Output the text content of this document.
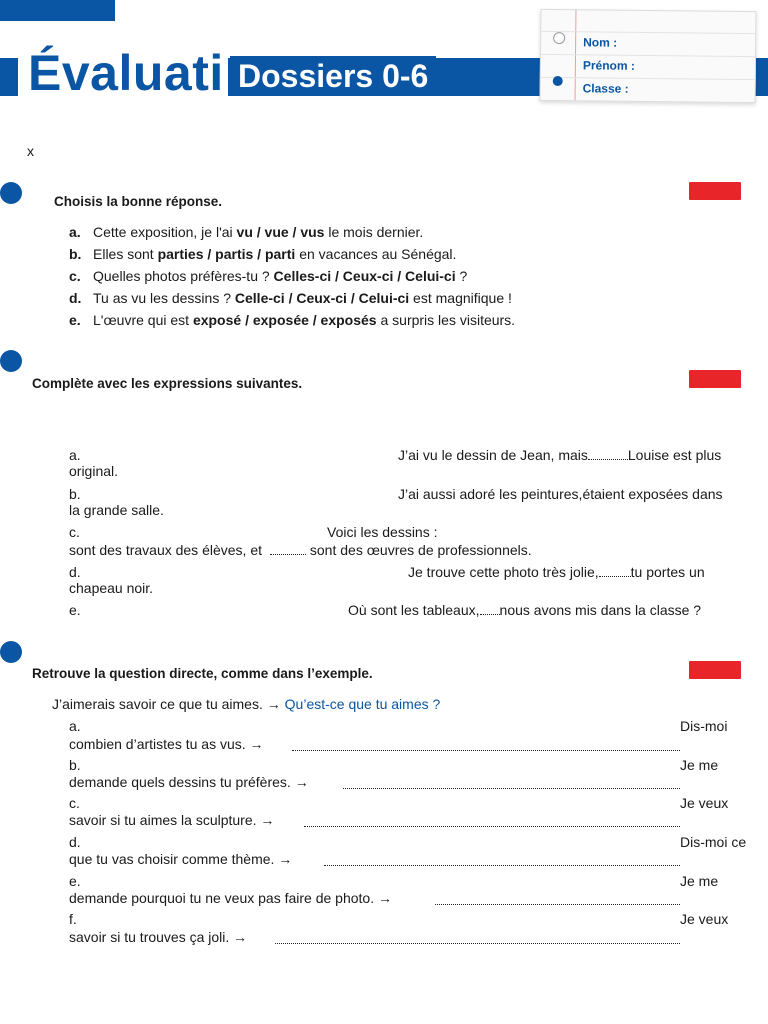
Évaluati Dossiers 0-6
Nom :
Prénom :
Classe :
x
Choisis la bonne réponse.
a. Cette exposition, je l'ai vu / vue / vus le mois dernier.
b. Elles sont parties / partis / parti en vacances au Sénégal.
c. Quelles photos préfères-tu ? Celles-ci / Ceux-ci / Celui-ci ?
d. Tu as vu les dessins ? Celle-ci / Ceux-ci / Celui-ci est magnifique !
e. L'œuvre qui est exposé / exposée / exposés a surpris les visiteurs.
Complète avec les expressions suivantes.
a.	J’ai vu le dessin de Jean, mais	Louise est plus
original.
b.	J’ai aussi adoré les peintures,étaient exposées dans
la grande salle.
c.	Voici les dessins :
sont des travaux des élèves, et	sont des œuvres de professionnels.
d.	Je trouve cette photo très jolie, tu portes un
chapeau noir.
e.	Où sont les tableaux, nous avons mis dans la classe ?
Retrouve la question directe, comme dans l’exemple.
J’aimerais savoir ce que tu aimes. → Qu’est-ce que tu aimes ?
a.	Dis-moi
combien d’artistes tu as vus. →
b.	Je me
demande quels dessins tu préfères. →
c.	Je veux
savoir si tu aimes la sculpture. →
d.	Dis-moi ce
que tu vas choisir comme thème. →
e.	Je me
demande pourquoi tu ne veux pas faire de photo. →
f.	Je veux
savoir si tu trouves ça joli. →
